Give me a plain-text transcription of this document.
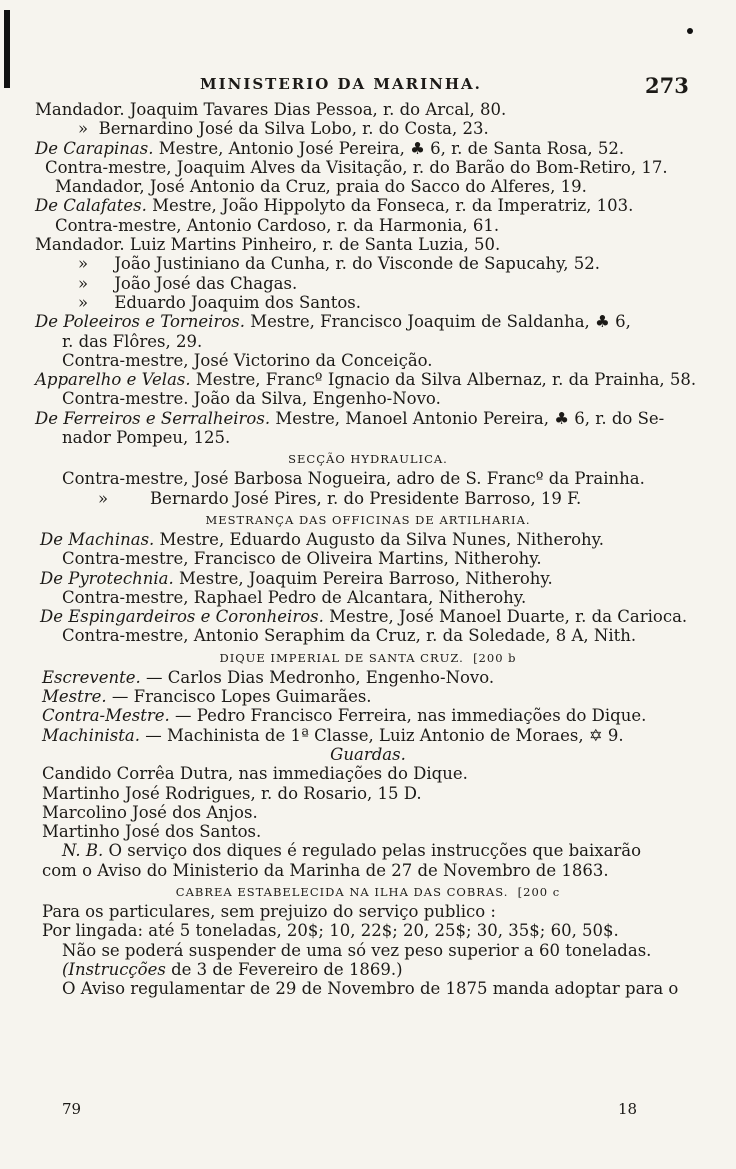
MINISTERIO DA MARINHA.	273
Mandador. Joaquim Tavares Dias Pessoa, r. do Arcal, 80.
»  Bernardino José da Silva Lobo, r. do Costa, 23.
De Carapinas. Mestre, Antonio José Pereira, ♣ 6, r. de Santa Rosa, 52.
Contra-mestre, Joaquim Alves da Visitação, r. do Barão do Bom-Retiro, 17.
Mandador, José Antonio da Cruz, praia do Sacco do Alferes, 19.
De Calafates. Mestre, João Hippolyto da Fonseca, r. da Imperatriz, 103.
Contra-mestre, Antonio Cardoso, r. da Harmonia, 61.
Mandador. Luiz Martins Pinheiro, r. de Santa Luzia, 50.
»     João Justiniano da Cunha, r. do Visconde de Sapucahy, 52.
»     João José das Chagas.
»     Eduardo Joaquim dos Santos.
De Poleeiros e Torneiros. Mestre, Francisco Joaquim de Saldanha, ♣ 6,
r. das Flôres, 29.
Contra-mestre, José Victorino da Conceição.
Apparelho e Velas. Mestre, Francº Ignacio da Silva Albernaz, r. da Prainha, 58.
Contra-mestre. João da Silva, Engenho-Novo.
De Ferreiros e Serralheiros. Mestre, Manoel Antonio Pereira, ♣ 6, r. do Se-
nador Pompeu, 125.
SECÇÃO HYDRAULICA.
Contra-mestre, José Barbosa Nogueira, adro de S. Francº da Prainha.
»        Bernardo José Pires, r. do Presidente Barroso, 19 F.
MESTRANÇA DAS OFFICINAS DE ARTILHARIA.
De Machinas. Mestre, Eduardo Augusto da Silva Nunes, Nitherohy.
Contra-mestre, Francisco de Oliveira Martins, Nitherohy.
De Pyrotechnia. Mestre, Joaquim Pereira Barroso, Nitherohy.
Contra-mestre, Raphael Pedro de Alcantara, Nitherohy.
De Espingardeiros e Coronheiros. Mestre, José Manoel Duarte, r. da Carioca.
Contra-mestre, Antonio Seraphim da Cruz, r. da Soledade, 8 A, Nith.
DIQUE IMPERIAL DE SANTA CRUZ.  [200 b
Escrevente. — Carlos Dias Medronho, Engenho-Novo.
Mestre. — Francisco Lopes Guimarães.
Contra-Mestre. — Pedro Francisco Ferreira, nas immediações do Dique.
Machinista. — Machinista de 1ª Classe, Luiz Antonio de Moraes, ✡ 9.
Guardas.
Candido Corrêa Dutra, nas immediações do Dique.
Martinho José Rodrigues, r. do Rosario, 15 D.
Marcolino José dos Anjos.
Martinho José dos Santos.
N. B. O serviço dos diques é regulado pelas instrucções que baixarão
com o Aviso do Ministerio da Marinha de 27 de Novembro de 1863.
CABREA ESTABELECIDA NA ILHA DAS COBRAS.  [200 c
Para os particulares, sem prejuizo do serviço publico :
Por lingada: até 5 toneladas, 20$; 10, 22$; 20, 25$; 30, 35$; 60, 50$.
Não se poderá suspender de uma só vez peso superior a 60 toneladas.
(Instrucções de 3 de Fevereiro de 1869.)
O Aviso regulamentar de 29 de Novembro de 1875 manda adoptar para o
79	18
